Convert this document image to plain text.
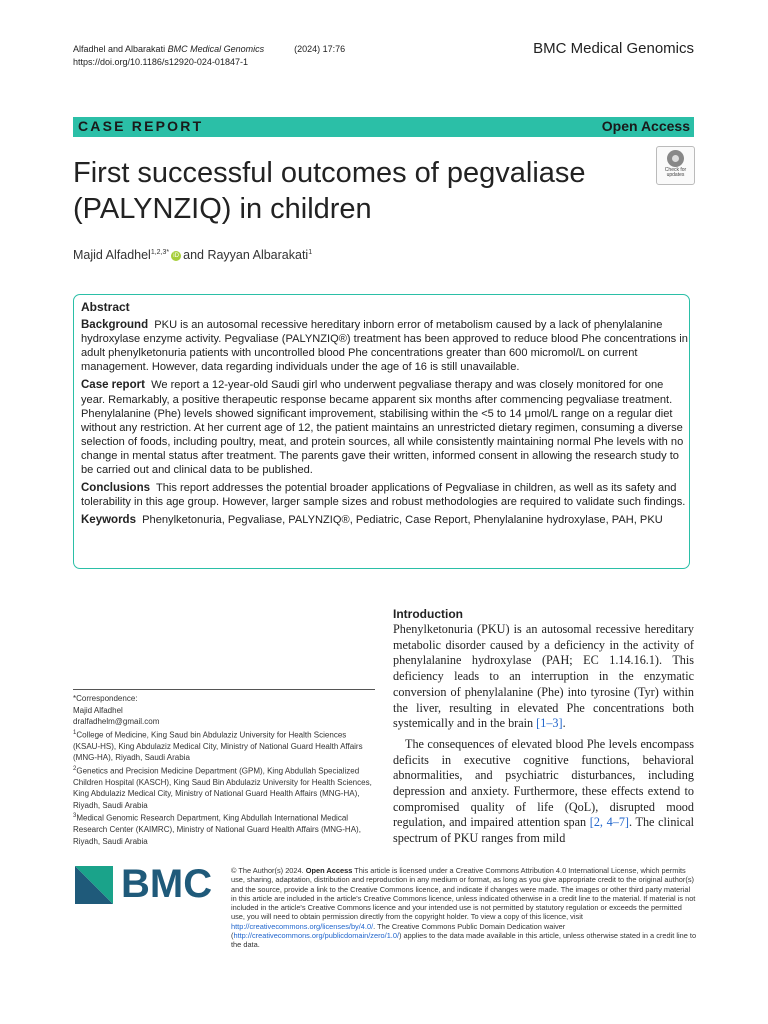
Alfadhel and Albarakati BMC Medical Genomics	(2024) 17:76
https://doi.org/10.1186/s12920-024-01847-1
BMC Medical Genomics
CASE REPORT	Open Access
First successful outcomes of pegvaliase (PALYNZIQ) in children
Check for updates
Majid Alfadhel$^{1,2,3*}$ iD and Rayyan Albarakati$^1$

Abstract

Background PKU is an autosomal recessive hereditary inborn error of metabolism caused by a lack of phenylalanine hydroxylase enzyme activity. Pegvaliase (PALYNZIQ®) treatment has been approved to reduce blood Phe concentrations in adult phenylketonuria patients with uncontrolled blood Phe concentrations greater than 600 micromol/L on current management. However, data regarding individuals under the age of 16 is still unavailable.

Case report We report a 12-year-old Saudi girl who underwent pegvaliase therapy and was closely monitored for one year. Remarkably, a positive therapeutic response became apparent six months after commencing pegvaliase treatment. Phenylalanine (Phe) levels showed significant improvement, stabilising within the <5 to 14 μmol/L range on a regular diet without any restriction. At her current age of 12, the patient maintains an unrestricted dietary regimen, consuming a diverse selection of foods, including poultry, meat, and protein sources, all while consistently maintaining normal Phe levels with no change in mental status after treatment. The parents gave their written, informed consent in allowing the research study to be carried out and clinical data to be published.

Conclusions This report addresses the potential broader applications of Pegvaliase in children, as well as its safety and tolerability in this age group. However, larger sample sizes and robust methodologies are required to validate such findings.

Keywords Phenylketonuria, Pegvaliase, PALYNZIQ®, Pediatric, Case Report, Phenylalanine hydroxylase, PAH, PKU

Introduction

Phenylketonuria (PKU) is an autosomal recessive hereditary metabolic disorder caused by a deficiency in the activity of phenylalanine hydroxylase (PAH; EC 1.14.16.1). This deficiency leads to an interruption in the enzymatic conversion of phenylalanine (Phe) into tyrosine (Tyr) within the liver, resulting in elevated Phe concentrations both systemically and in the brain [1–3].

The consequences of elevated blood Phe levels encompass deficits in executive cognitive functions, behavioral abnormalities, and psychiatric disturbances, including depression and anxiety. Furthermore, these effects extend to compromised quality of life (QoL), disrupted mood regulation, and impaired attention span [2, 4–7]. The clinical spectrum of PKU ranges from mild

*Correspondence:

Majid Alfadhel

dralfadhelm@gmail.com

$^1$College of Medicine, King Saud bin Abdulaziz University for Health Sciences (KSAU-HS), King Abdulaziz Medical City, Ministry of National Guard Health Affairs (MNG-HA), Riyadh, Saudi Arabia

$^2$Genetics and Precision Medicine Department (GPM), King Abdullah Specialized Children Hospital (KASCH), King Saud Bin Abdulaziz University for Health Sciences, King Abdulaziz Medical City, Ministry of National Guard Health Affairs (MNG-HA), Riyadh, Saudi Arabia

$^3$Medical Genomic Research Department, King Abdullah International Medical Research Center (KAIMRC), Ministry of National Guard Health Affairs (MNG-HA), Riyadh, Saudi Arabia

BMC	© The Author(s) 2024. Open Access This article is licensed under a Creative Commons Attribution 4.0 International License, which permits use, sharing, adaptation, distribution and reproduction in any medium or format, as long as you give appropriate credit to the original author(s) and the source, provide a link to the Creative Commons licence, and indicate if changes were made. The images or other third party material in this article are included in the article's Creative Commons licence, unless indicated otherwise in a credit line to the material. If material is not included in the article's Creative Commons licence and your intended use is not permitted by statutory regulation or exceeds the permitted use, you will need to obtain permission directly from the copyright holder. To view a copy of this licence, visit http://creativecommons.org/licenses/by/4.0/. The Creative Commons Public Domain Dedication waiver (http://creativecommons.org/publicdomain/zero/1.0/) applies to the data made available in this article, unless otherwise stated in a credit line to the data.
